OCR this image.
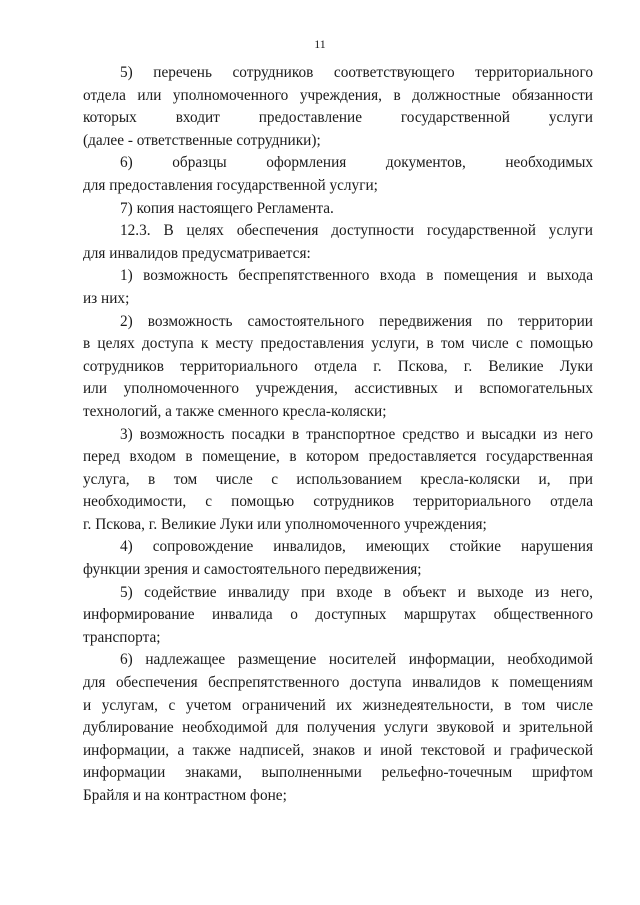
11
5) перечень сотрудников соответствующего территориального
отдела или уполномоченного учреждения, в должностные обязанности
которых входит предоставление государственной услуги
(далее - ответственные сотрудники);
6) образцы оформления документов, необходимых
для предоставления государственной услуги;
7) копия настоящего Регламента.
12.3. В целях обеспечения доступности государственной услуги
для инвалидов предусматривается:
1) возможность беспрепятственного входа в помещения и выхода
из них;
2) возможность самостоятельного передвижения по территории
в целях доступа к месту предоставления услуги, в том числе с помощью
сотрудников территориального отдела г. Пскова, г. Великие Луки
или уполномоченного учреждения, ассистивных и вспомогательных
технологий, а также сменного кресла-коляски;
3) возможность посадки в транспортное средство и высадки из него
перед входом в помещение, в котором предоставляется государственная
услуга, в том числе с использованием кресла-коляски и, при
необходимости, с помощью сотрудников территориального отдела
г. Пскова, г. Великие Луки или уполномоченного учреждения;
4) сопровождение инвалидов, имеющих стойкие нарушения
функции зрения и самостоятельного передвижения;
5) содействие инвалиду при входе в объект и выходе из него,
информирование инвалида о доступных маршрутах общественного
транспорта;
6) надлежащее размещение носителей информации, необходимой
для обеспечения беспрепятственного доступа инвалидов к помещениям
и услугам, с учетом ограничений их жизнедеятельности, в том числе
дублирование необходимой для получения услуги звуковой и зрительной
информации, а также надписей, знаков и иной текстовой и графической
информации знаками, выполненными рельефно-точечным шрифтом
Брайля и на контрастном фоне;
